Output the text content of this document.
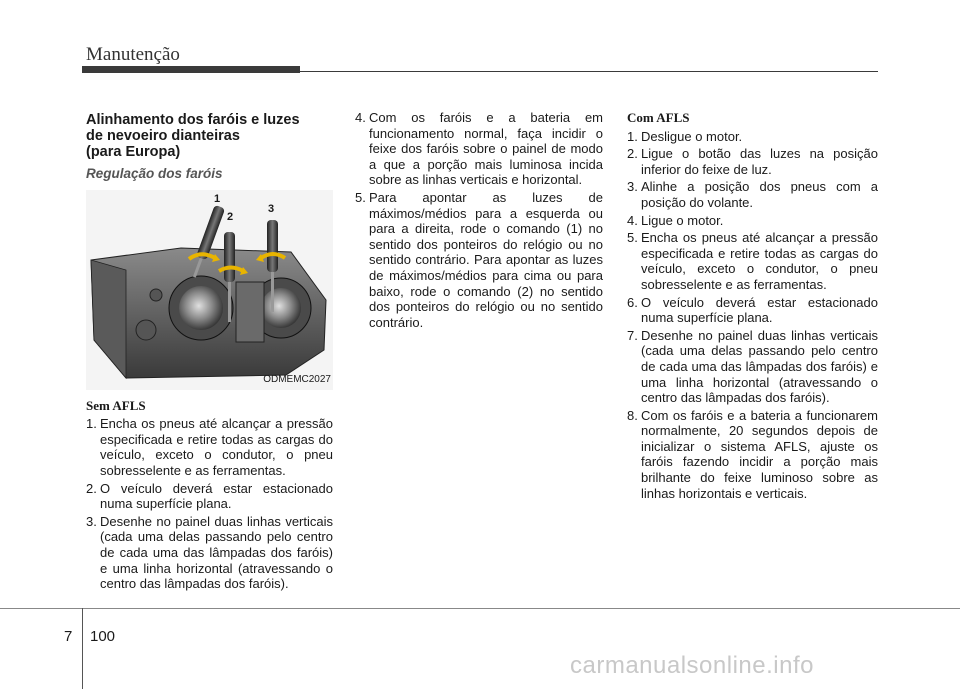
Manutenção

Alinhamento dos faróis e luzes
de nevoeiro dianteiras
(para Europa)

Regulação dos faróis

1
2
3
ODMEMC2027

Sem AFLS

1. Encha os pneus até alcançar a pressão especificada e retire todas as cargas do veículo, exceto o condutor, o pneu sobresselente e as ferramentas.
2. O veículo deverá estar estacionado numa superfície plana.
3. Desenhe no painel duas linhas verticais (cada uma delas passando pelo centro de cada uma das lâmpadas dos faróis) e uma linha horizontal (atravessando o centro das lâmpadas dos faróis).
4. Com os faróis e a bateria em funcionamento normal, faça incidir o feixe dos faróis sobre o painel de modo a que a porção mais luminosa incida sobre as linhas verticais e horizontal.
5. Para apontar as luzes de máximos/médios para a esquerda ou para a direita, rode o comando (1) no sentido dos ponteiros do relógio ou no sentido contrário. Para apontar as luzes de máximos/médios para cima ou para baixo, rode o comando (2) no sentido dos ponteiros do relógio ou no sentido contrário.

Com AFLS

1. Desligue o motor.
2. Ligue o botão das luzes na posição inferior do feixe de luz.
3. Alinhe a posição dos pneus com a posição do volante.
4. Ligue o motor.
5. Encha os pneus até alcançar a pressão especificada e retire todas as cargas do veículo, exceto o condutor, o pneu sobresselente e as ferramentas.
6. O veículo deverá estar estacionado numa superfície plana.
7. Desenhe no painel duas linhas verticais (cada uma delas passando pelo centro de cada uma das lâmpadas dos faróis) e uma linha horizontal (atravessando o centro das lâmpadas dos faróis).
8. Com os faróis e a bateria a funcionarem normalmente, 20 segundos depois de inicializar o sistema AFLS, ajuste os faróis fazendo incidir a porção mais brilhante do feixe luminoso sobre as linhas horizontais e verticais.
7 100
carmanualsonline.info
